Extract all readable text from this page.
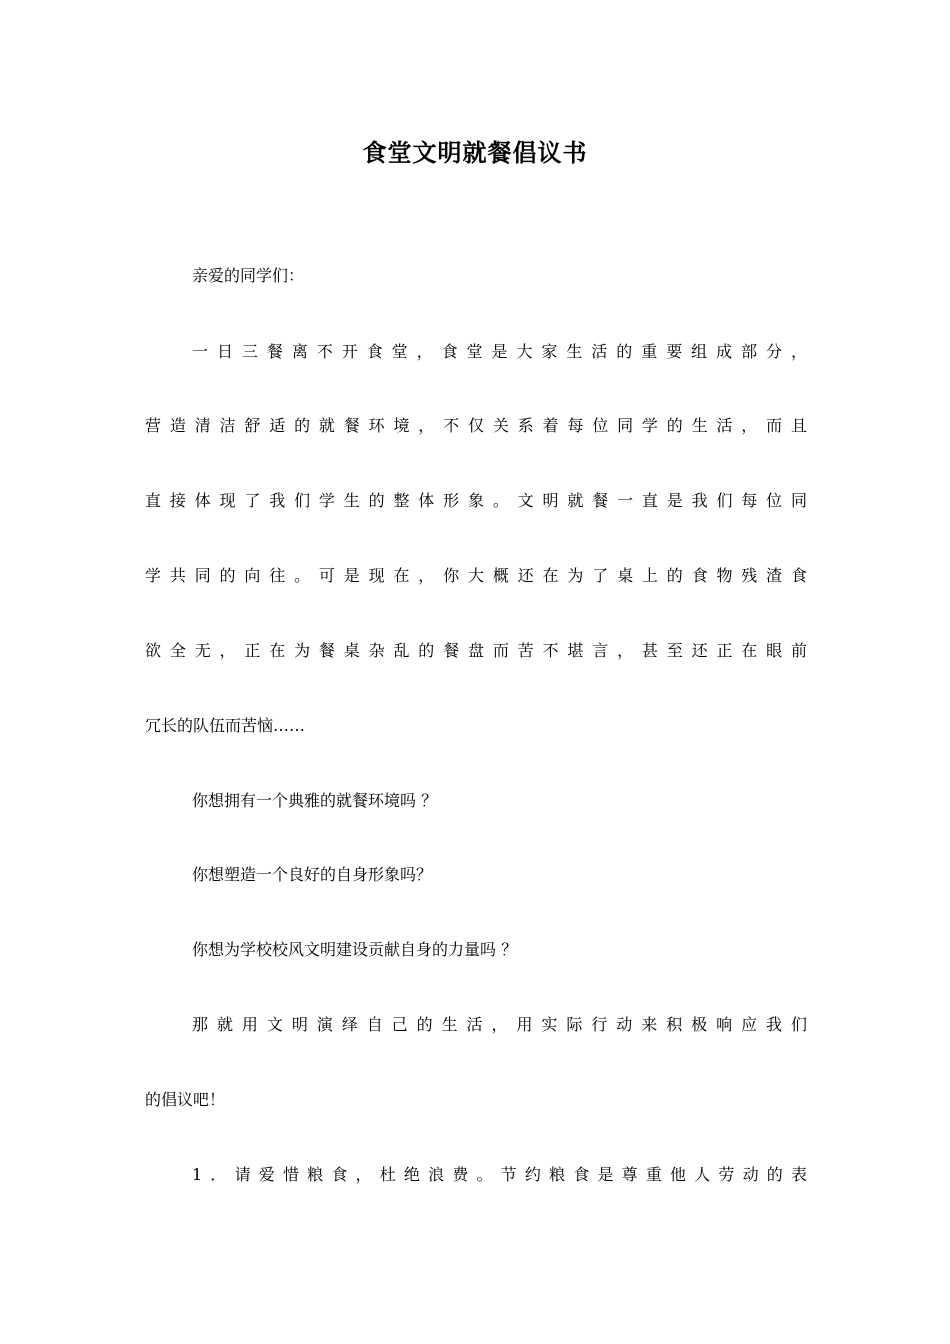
食堂文明就餐倡议书
亲爱的同学们：
一日三餐离不开食堂，食堂是大家生活的重要组成部分，
营造清洁舒适的就餐环境，不仅关系着每位同学的生活，而且
直接体现了我们学生的整体形象。文明就餐一直是我们每位同
学共同的向往。可是现在，你大概还在为了桌上的食物残渣食
欲全无，正在为餐桌杂乱的餐盘而苦不堪言，甚至还正在眼前
冗长的队伍而苦恼……
你想拥有一个典雅的就餐环境吗 ？
你想塑造一个良好的自身形象吗？
你想为学校校风文明建设贡献自身的力量吗 ？
那就用文明演绎自己的生活，用实际行动来积极响应我们
的倡议吧！
1．请爱惜粮食，杜绝浪费。节约粮食是尊重他人劳动的表
